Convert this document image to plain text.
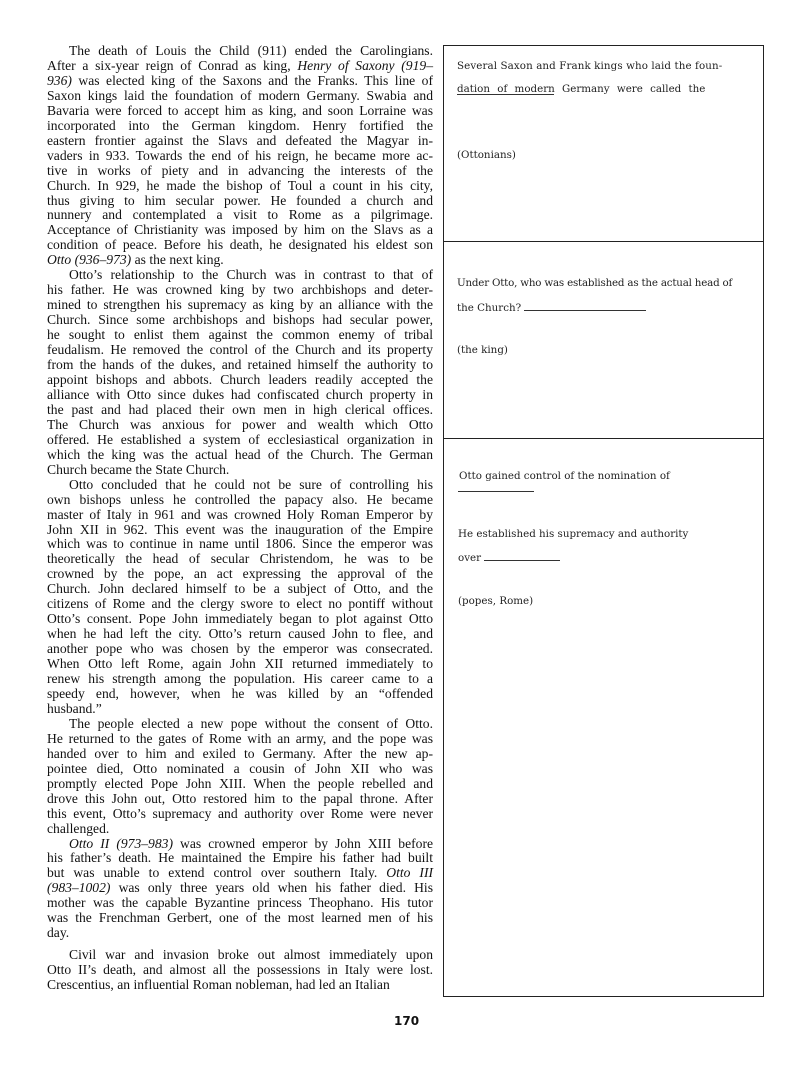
The death of Louis the Child (911) ended the Carolingians.
After a six-year reign of Conrad as king, Henry of Saxony (919–
936) was elected king of the Saxons and the Franks. This line of
Saxon kings laid the foundation of modern Germany. Swabia and
Bavaria were forced to accept him as king, and soon Lorraine was
incorporated into the German kingdom. Henry fortified the
eastern frontier against the Slavs and defeated the Magyar in-
vaders in 933. Towards the end of his reign, he became more ac-
tive in works of piety and in advancing the interests of the
Church. In 929, he made the bishop of Toul a count in his city,
thus giving to him secular power. He founded a church and
nunnery and contemplated a visit to Rome as a pilgrimage.
Acceptance of Christianity was imposed by him on the Slavs as a
condition of peace. Before his death, he designated his eldest son
Otto (936–973) as the next king.
Otto’s relationship to the Church was in contrast to that of
his father. He was crowned king by two archbishops and deter-
mined to strengthen his supremacy as king by an alliance with the
Church. Since some archbishops and bishops had secular power,
he sought to enlist them against the common enemy of tribal
feudalism. He removed the control of the Church and its property
from the hands of the dukes, and retained himself the authority to
appoint bishops and abbots. Church leaders readily accepted the
alliance with Otto since dukes had confiscated church property in
the past and had placed their own men in high clerical offices.
The Church was anxious for power and wealth which Otto
offered. He established a system of ecclesiastical organization in
which the king was the actual head of the Church. The German
Church became the State Church.
Otto concluded that he could not be sure of controlling his
own bishops unless he controlled the papacy also. He became
master of Italy in 961 and was crowned Holy Roman Emperor by
John XII in 962. This event was the inauguration of the Empire
which was to continue in name until 1806. Since the emperor was
theoretically the head of secular Christendom, he was to be
crowned by the pope, an act expressing the approval of the
Church. John declared himself to be a subject of Otto, and the
citizens of Rome and the clergy swore to elect no pontiff without
Otto’s consent. Pope John immediately began to plot against Otto
when he had left the city. Otto’s return caused John to flee, and
another pope who was chosen by the emperor was consecrated.
When Otto left Rome, again John XII returned immediately to
renew his strength among the population. His career came to a
speedy end, however, when he was killed by an “offended
husband.”
The people elected a new pope without the consent of Otto.
He returned to the gates of Rome with an army, and the pope was
handed over to him and exiled to Germany. After the new ap-
pointee died, Otto nominated a cousin of John XII who was
promptly elected Pope John XIII. When the people rebelled and
drove this John out, Otto restored him to the papal throne. After
this event, Otto’s supremacy and authority over Rome were never
challenged.
Otto II (973–983) was crowned emperor by John XIII before
his father’s death. He maintained the Empire his father had built
but was unable to extend control over southern Italy. Otto III
(983–1002) was only three years old when his father died. His
mother was the capable Byzantine princess Theophano. His tutor
was the Frenchman Gerbert, one of the most learned men of his
day.
Civil war and invasion broke out almost immediately upon
Otto II’s death, and almost all the possessions in Italy were lost.
Crescentius, an influential Roman nobleman, had led an Italian
Several Saxon and Frank kings who laid the foun-
dation of modern Germany were called the
(Ottonians)
Under Otto, who was established as the actual head of
the Church?
(the king)
Otto gained control of the nomination of
He established his supremacy and authority
over
(popes, Rome)
170
